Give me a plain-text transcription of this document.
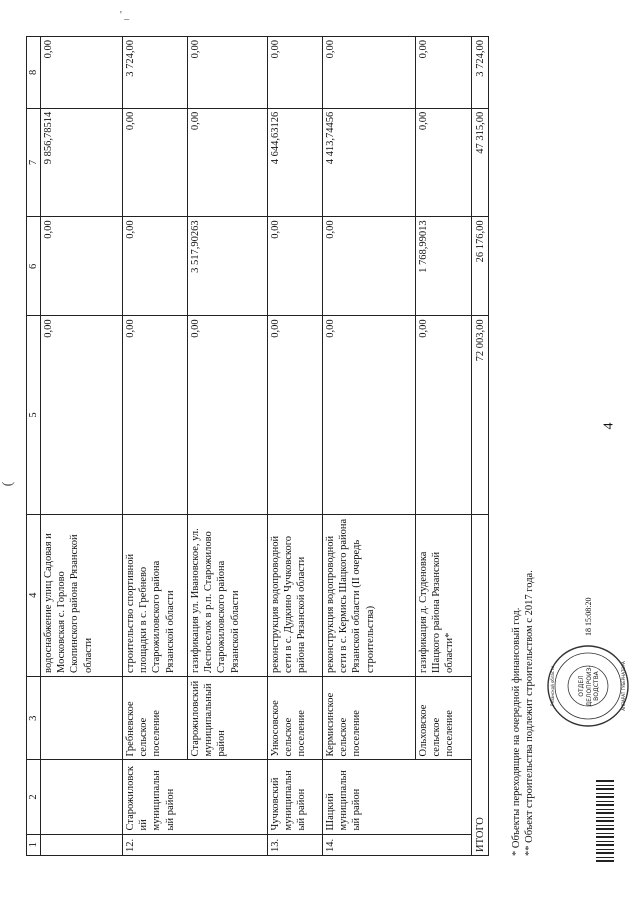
4
' _
(
1	2	3	4	5	6	7	8
			водоснабжение улиц Садовая и Московская с. Горлово Скопинского района Рязанской области	0,00	0,00	9 856,78514	0,00
12.	Старожиловский муниципальный район	Гребневское сельское поселение	строительство спортивной площадки в с. Гребнево Старожиловского района Рязанской области	0,00	0,00	0,00	3 724,00
		Старожиловский муниципальный район	газификация ул. Ивановское, ул. Леспоселок в р.п. Старожилово Старожиловского района Рязанской области	0,00	3 517,90263	0,00	0,00
13.	Чучковский муниципальный район	Ункосовское сельское поселение	реконструкция водопроводной сети в с. Дудкино Чучковского района Рязанской области	0,00	0,00	4 644,63126	0,00
14.	Шацкий муниципальный район	Кермисинское сельское поселение	реконструкция водопроводной сети в с. Кермись Шацкого района Рязанской области (II очередь строительства)	0,00	0,00	4 413,74456	0,00
		Ольховское сельское поселение	газификация д. Студеновка Шацкого района Рязанской области*	0,00	1 768,99013	0,00	0,00
ИТОГО				72 003,00	26 176,00	47 315,00	3 724,00
* Объекты переходящие на очередной финансовый год. ** Объект строительства подлежит строительством с 2017 года.	ОТДЕЛ ДЕЛОПРОИЗ- ВОДСТВА
Рязанской области	АППАРАТ ГУБЕРНАТОРА
18 15:08:20
